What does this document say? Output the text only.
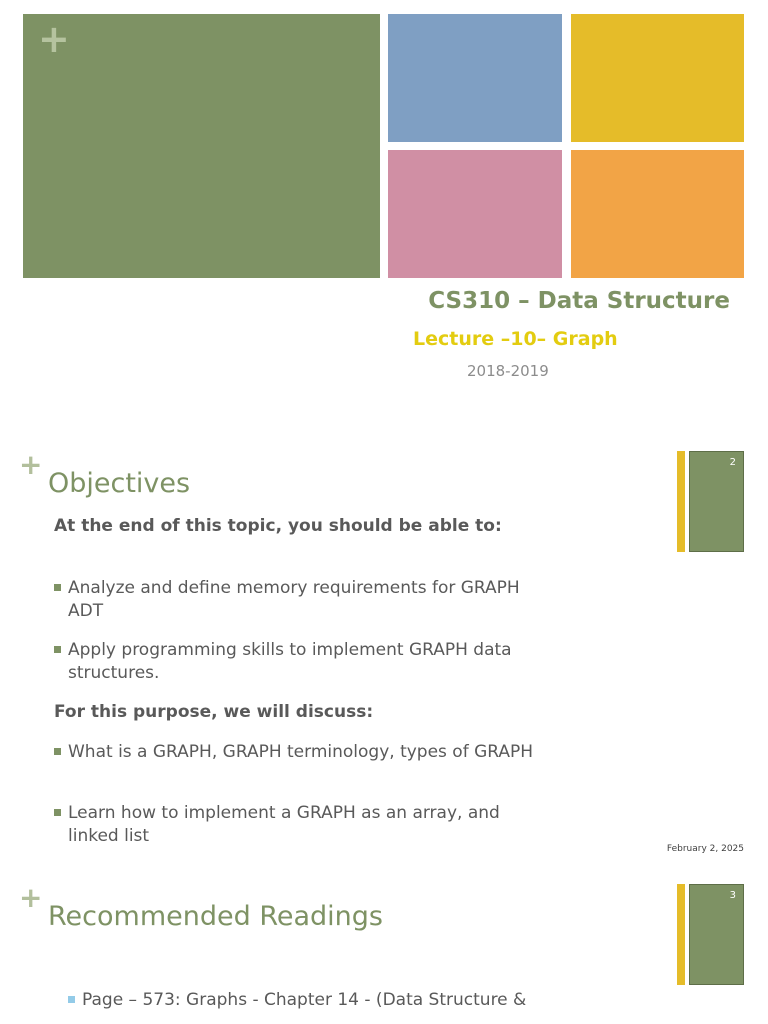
+
CS310 – Data Structure
Lecture –10– Graph
2018-2019
+	2
Objectives
At the end of this topic, you should be able to:
Analyze and define memory requirements for GRAPH ADT
Apply programming skills to implement GRAPH data structures.
For this purpose, we will discuss:
What is a GRAPH, GRAPH terminology, types of GRAPH
Learn how to implement a GRAPH as an array, and linked list
February 2, 2025
+	3
Recommended Readings
Page – 573: Graphs - Chapter 14 - (Data Structure &
